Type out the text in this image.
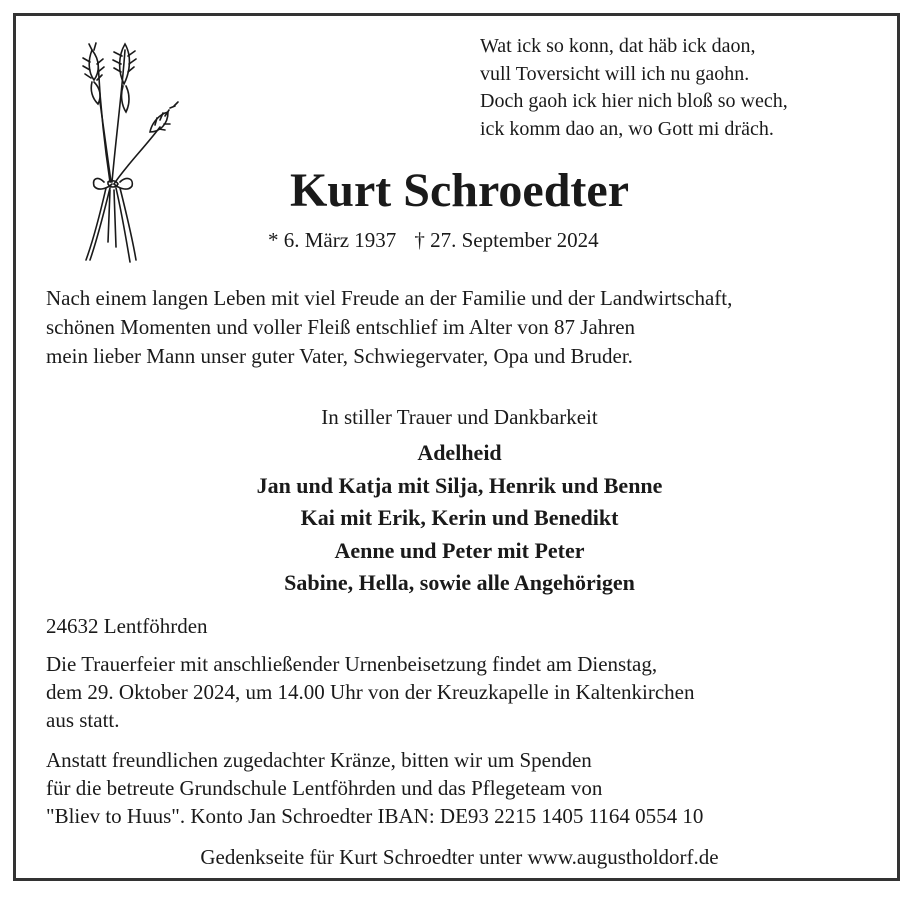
Wat ick so konn, dat häb ick daon,
vull Toversicht will ich nu gaohn.
Doch gaoh ick hier nich bloß so wech,
ick komm dao an, wo Gott mi dräch.
Kurt Schroedter
* 6. März 1937 † 27. September 2024
Nach einem langen Leben mit viel Freude an der Familie und der Landwirtschaft,
schönen Momenten und voller Fleiß entschlief im Alter von 87 Jahren
mein lieber Mann unser guter Vater, Schwiegervater, Opa und Bruder.
In stiller Trauer und Dankbarkeit
Adelheid
Jan und Katja mit Silja, Henrik und Benne
Kai mit Erik, Kerin und Benedikt
Aenne und Peter mit Peter
Sabine, Hella, sowie alle Angehörigen
24632 Lentföhrden
Die Trauerfeier mit anschließender Urnenbeisetzung findet am Dienstag,
dem 29. Oktober 2024, um 14.00 Uhr von der Kreuzkapelle in Kaltenkirchen
aus statt.
Anstatt freundlichen zugedachter Kränze, bitten wir um Spenden
für die betreute Grundschule Lentföhrden und das Pflegeteam von
"Bliev to Huus". Konto Jan Schroedter IBAN: DE93 2215 1405 1164 0554 10
Gedenkseite für Kurt Schroedter unter www.augustholdorf.de
